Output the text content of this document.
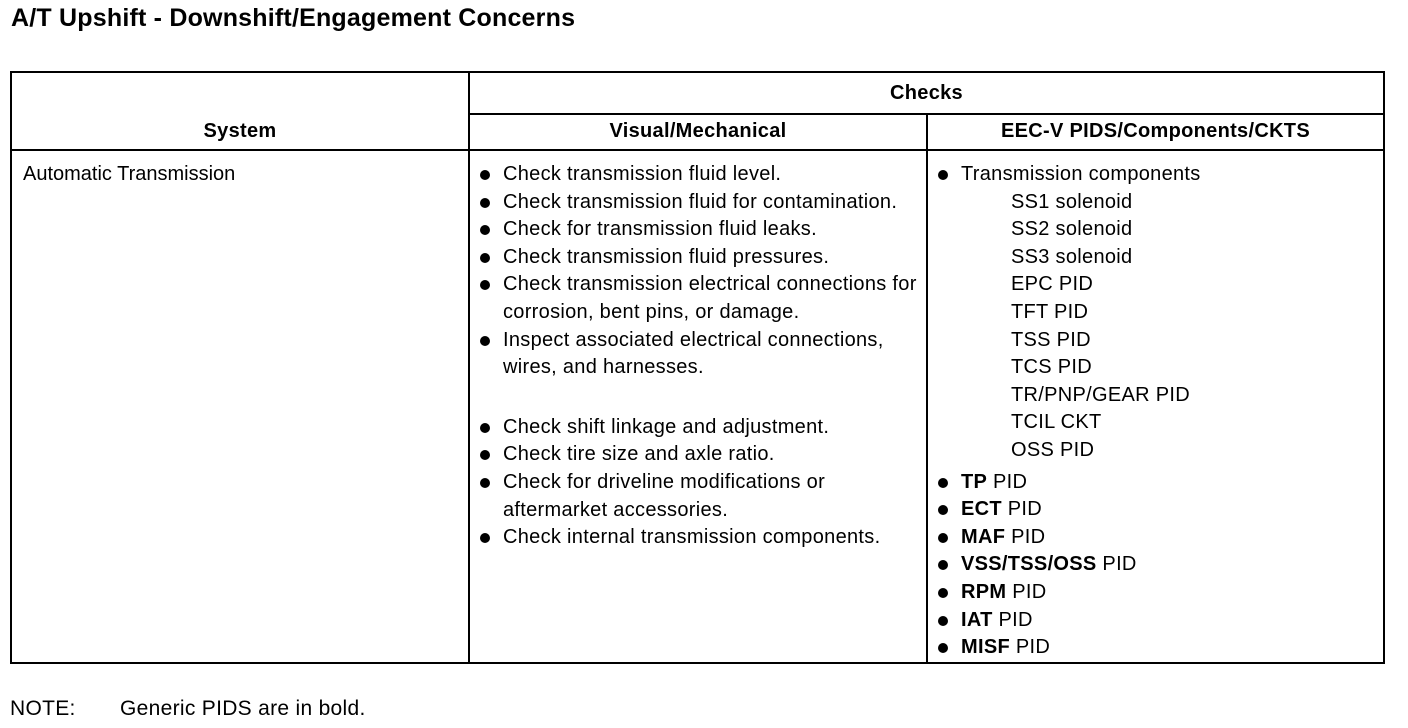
A/T Upshift - Downshift/Engagement Concerns
System
Checks
Visual/Mechanical	EEC-V PIDS/Components/CKTS
Automatic Transmission	Check transmission fluid level.
Check transmission fluid for contamination.
Check for transmission fluid leaks.
Check transmission fluid pressures.
Check transmission electrical connections for corrosion, bent pins, or damage.
Inspect associated electrical connections, wires, and harnesses.
Check shift linkage and adjustment.
Check tire size and axle ratio.
Check for driveline modifications or aftermarket accessories.
Check internal transmission components.
Transmission components
SS1 solenoid
SS2 solenoid
SS3 solenoid
EPC PID
TFT PID
TSS PID
TCS PID
TR/PNP/GEAR PID
TCIL CKT
OSS PID
TP PID
ECT PID
MAF PID
VSS/TSS/OSS PID
RPM PID
IAT PID
MISF PID
NOTE: Generic PIDS are in bold.
